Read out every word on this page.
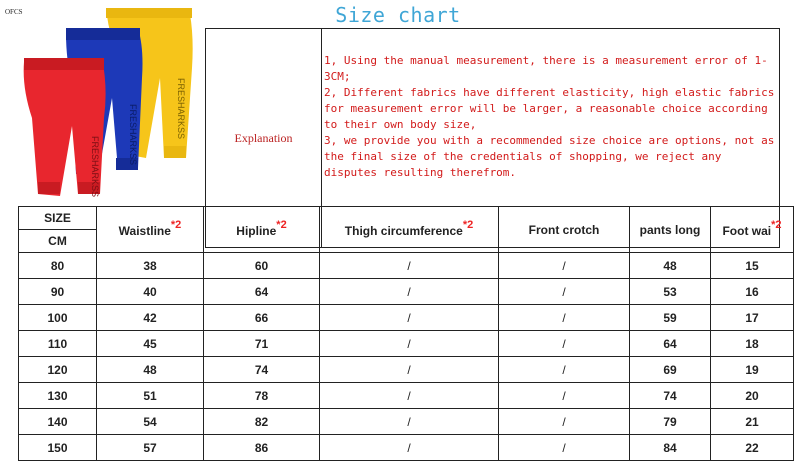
OFCS	Size chart
FRESHARKSS
FRESHARKSS
FRESHARKSS	Explanation	1, Using the manual measurement, there is a measurement error of 1-3CM;
2, Different fabrics have different elasticity, high elastic fabrics for measurement error will be larger, a reasonable choice according to their own body size,
3, we provide you with a recommended size choice are options, not as the final size of the credentials of shopping, we reject any disputes resulting therefrom.
SIZE	Waistline$^{*2}$	Hipline$^{*2}$	Thigh circumference$^{*2}$	Front crotch	pants long	Foot wai$^{*2}$
CM						
80	38	60	/	/	48	15
90	40	64	/	/	53	16
100	42	66	/	/	59	17
110	45	71	/	/	64	18
120	48	74	/	/	69	19
130	51	78	/	/	74	20
140	54	82	/	/	79	21
150	57	86	/	/	84	22
